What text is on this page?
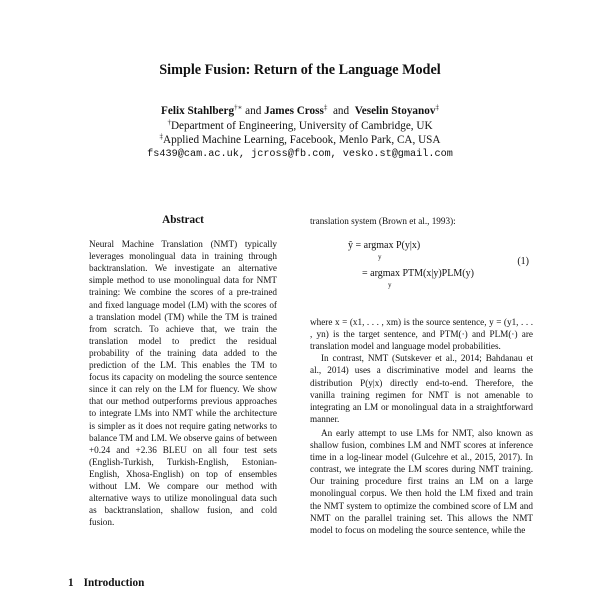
Simple Fusion: Return of the Language Model
Felix Stahlberg†∗ and James Cross‡ and Veselin Stoyanov‡
†Department of Engineering, University of Cambridge, UK
‡Applied Machine Learning, Facebook, Menlo Park, CA, USA
fs439@cam.ac.uk, jcross@fb.com, vesko.st@gmail.com
Abstract
Neural Machine Translation (NMT) typically leverages monolingual data in training through backtranslation. We investigate an alternative simple method to use monolingual data for NMT training: We combine the scores of a pre-trained and fixed language model (LM) with the scores of a translation model (TM) while the TM is trained from scratch. To achieve that, we train the translation model to predict the residual probability of the training data added to the prediction of the LM. This enables the TM to focus its capacity on modeling the source sentence since it can rely on the LM for fluency. We show that our method outperforms previous approaches to integrate LMs into NMT while the architecture is simpler as it does not require gating networks to balance TM and LM. We observe gains of between +0.24 and +2.36 BLEU on all four test sets (English-Turkish, Turkish-English, Estonian-English, Xhosa-English) on top of ensembles without LM. We compare our method with alternative ways to utilize monolingual data such as backtranslation, shallow fusion, and cold fusion.
1 Introduction
translation system (Brown et al., 1993):
ŷ = argmax P(y|x)
y
= argmax PTM(x|y)PLM(y)
y
(1)
where x = (x1, . . . , xm) is the source sentence, y = (y1, . . . , yn) is the target sentence, and PTM(·) and PLM(·) are translation model and language model probabilities.
In contrast, NMT (Sutskever et al., 2014; Bahdanau et al., 2014) uses a discriminative model and learns the distribution P(y|x) directly end-to-end. Therefore, the vanilla training regimen for NMT is not amenable to integrating an LM or monolingual data in a straightforward manner.
An early attempt to use LMs for NMT, also known as shallow fusion, combines LM and NMT scores at inference time in a log-linear model (Gulcehre et al., 2015, 2017). In contrast, we integrate the LM scores during NMT training. Our training procedure first trains an LM on a large monolingual corpus. We then hold the LM fixed and train the NMT system to optimize the combined score of LM and NMT on the parallel training set. This allows the NMT model to focus on modeling the source sentence, while the
